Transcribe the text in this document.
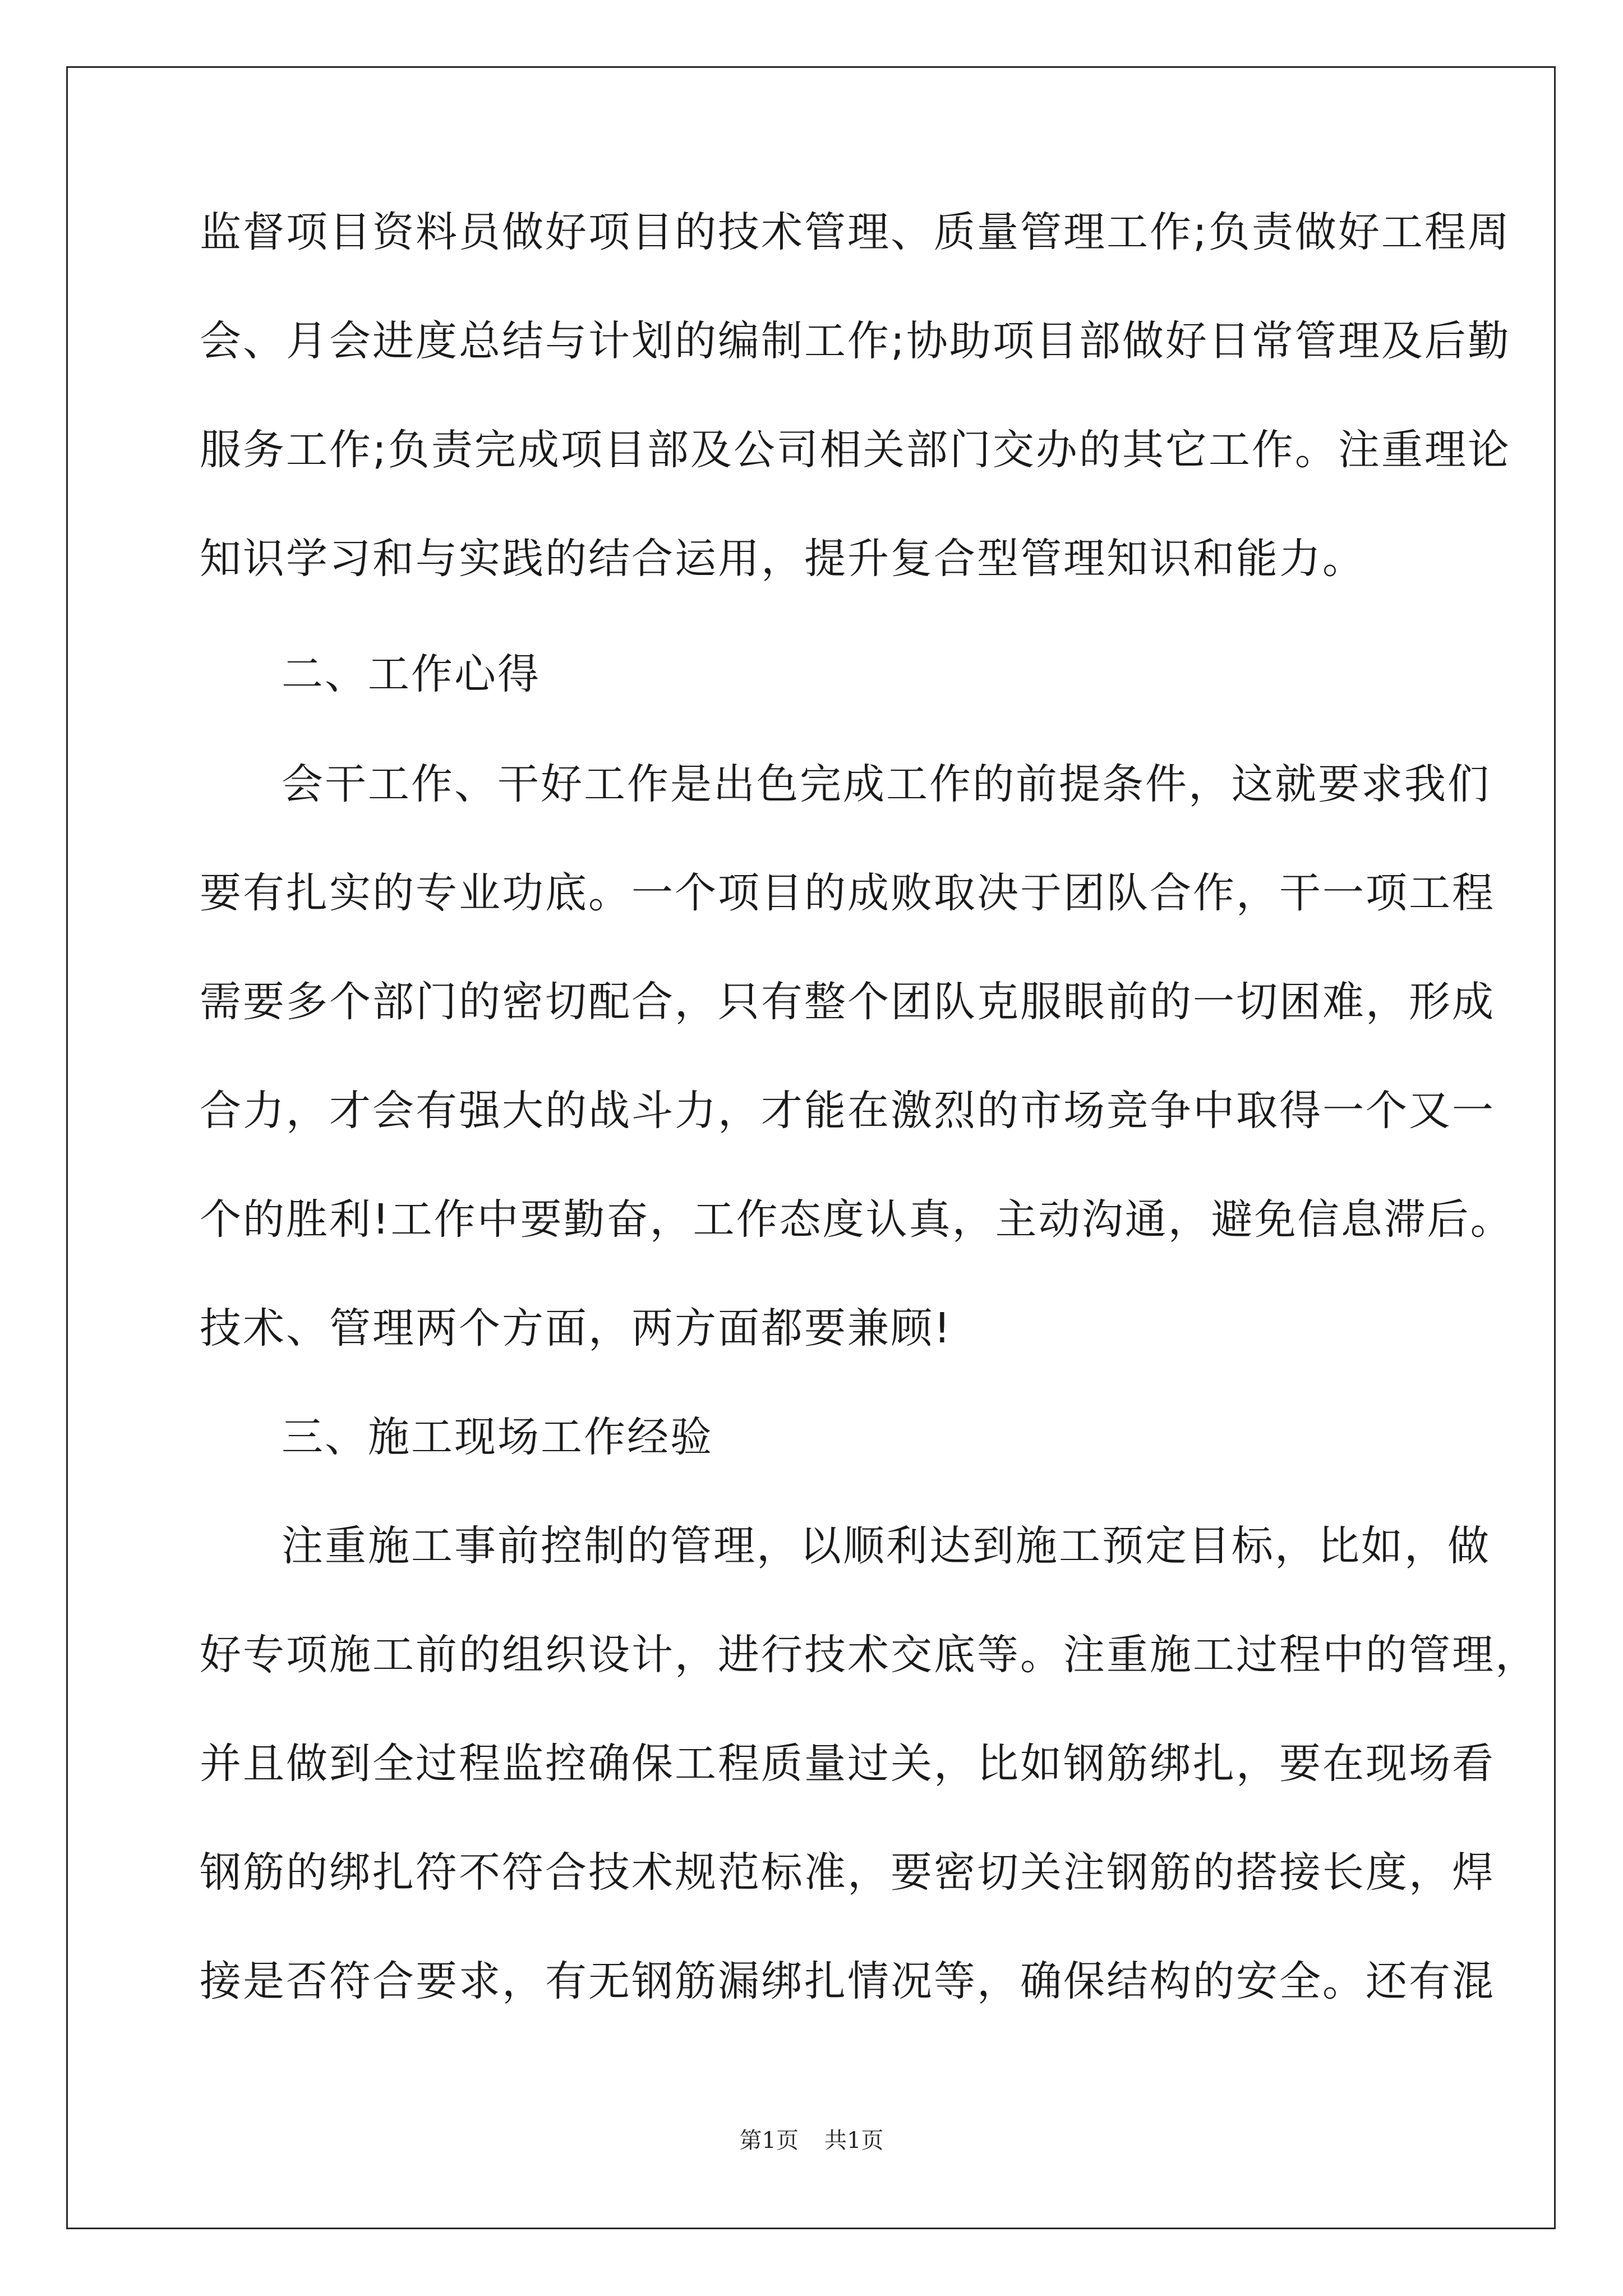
监督项目资料员做好项目的技术管理、质量管理工作;负责做好工程周
会、月会进度总结与计划的编制工作;协助项目部做好日常管理及后勤
服务工作;负责完成项目部及公司相关部门交办的其它工作。注重理论
知识学习和与实践的结合运用，提升复合型管理知识和能力。
二、工作心得
会干工作、干好工作是出色完成工作的前提条件，这就要求我们
要有扎实的专业功底。一个项目的成败取决于团队合作，干一项工程
需要多个部门的密切配合，只有整个团队克服眼前的一切困难，形成
合力，才会有强大的战斗力，才能在激烈的市场竞争中取得一个又一
个的胜利!工作中要勤奋，工作态度认真，主动沟通，避免信息滞后。
技术、管理两个方面，两方面都要兼顾!
三、施工现场工作经验
注重施工事前控制的管理，以顺利达到施工预定目标，比如，做
好专项施工前的组织设计，进行技术交底等。注重施工过程中的管理，
并且做到全过程监控确保工程质量过关，比如钢筋绑扎，要在现场看
钢筋的绑扎符不符合技术规范标准，要密切关注钢筋的搭接长度，焊
接是否符合要求，有无钢筋漏绑扎情况等，确保结构的安全。还有混
第1页 共1页
